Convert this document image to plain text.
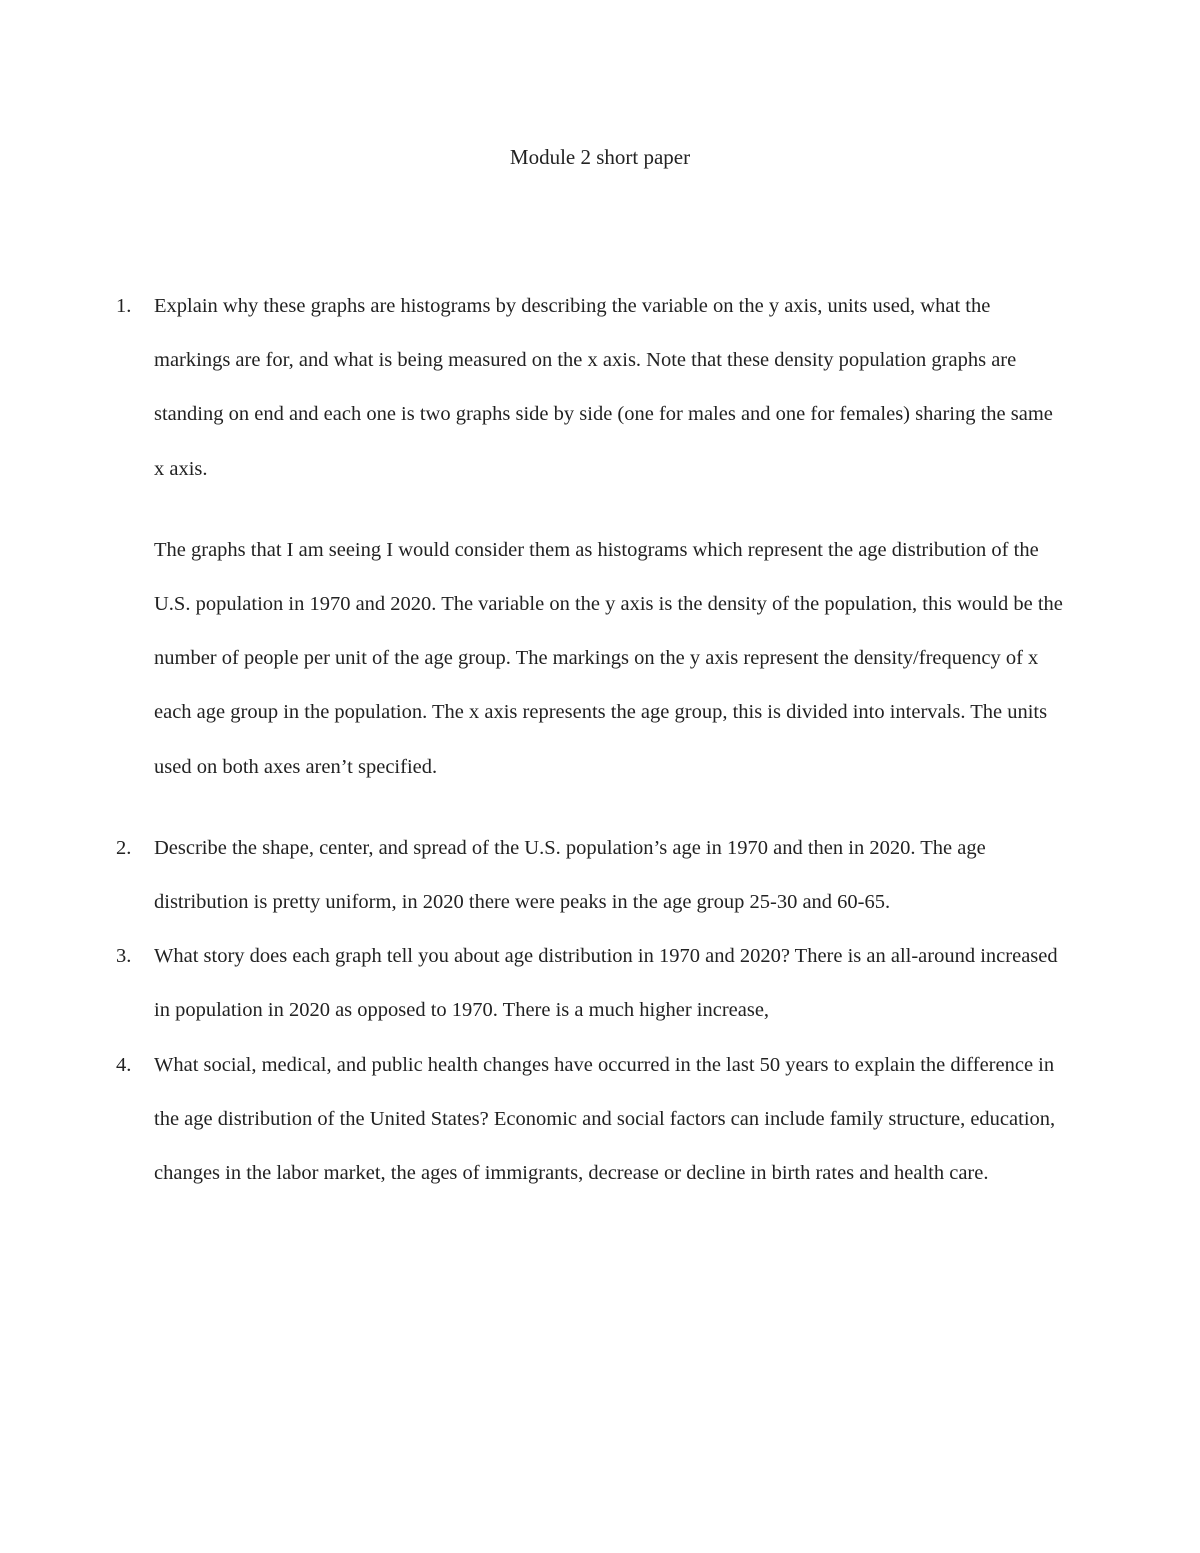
Module 2 short paper
1. Explain why these graphs are histograms by describing the variable on the y axis, units used, what the markings are for, and what is being measured on the x axis. Note that these density population graphs are standing on end and each one is two graphs side by side (one for males and one for females) sharing the same x axis.
The graphs that I am seeing I would consider them as histograms which represent the age distribution of the U.S. population in 1970 and 2020. The variable on the y axis is the density of the population, this would be the number of people per unit of the age group. The markings on the y axis represent the density/frequency of x each age group in the population. The x axis represents the age group, this is divided into intervals. The units used on both axes aren’t specified.
2. Describe the shape, center, and spread of the U.S. population’s age in 1970 and then in 2020. The age distribution is pretty uniform, in 2020 there were peaks in the age group 25-30 and 60-65.
3. What story does each graph tell you about age distribution in 1970 and 2020? There is an all-around increased in population in 2020 as opposed to 1970. There is a much higher increase,
4. What social, medical, and public health changes have occurred in the last 50 years to explain the difference in the age distribution of the United States? Economic and social factors can include family structure, education, changes in the labor market, the ages of immigrants, decrease or decline in birth rates and health care.
